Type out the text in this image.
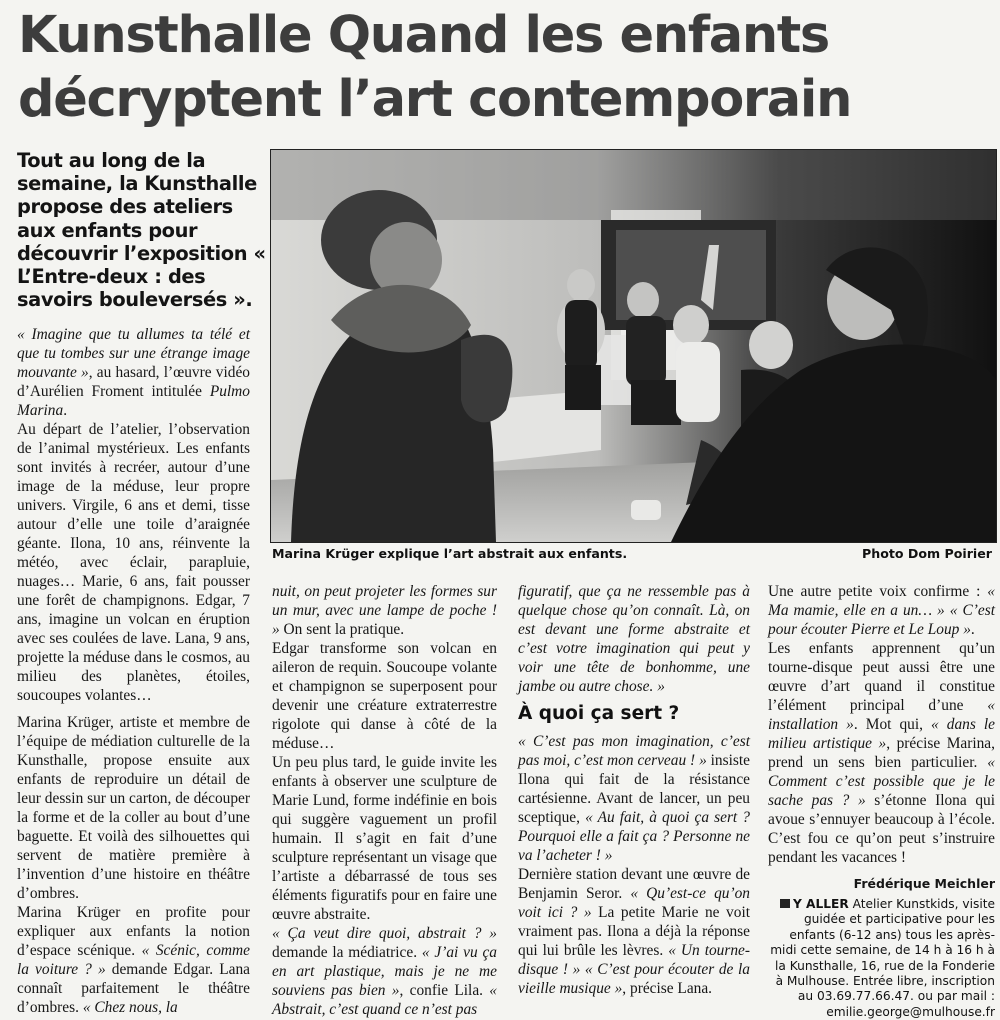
Kunsthalle Quand les enfants décryptent l’art contemporain

Tout au long de la semaine, la Kunsthalle propose des ateliers aux enfants pour découvrir l’exposition « L’Entre-deux : des savoirs bouleversés ».

Marina Krüger explique l’art abstrait aux enfants.	Photo Dom Poirier

« Imagine que tu allumes ta télé et que tu tombes sur une étrange image mouvante », au hasard, l’œuvre vidéo d’Aurélien Froment intitulée Pulmo Marina.

Au départ de l’atelier, l’observation de l’animal mystérieux. Les enfants sont invités à recréer, autour d’une image de la méduse, leur propre univers. Virgile, 6 ans et demi, tisse autour d’elle une toile d’araignée géante. Ilona, 10 ans, réinvente la météo, avec éclair, parapluie, nuages… Marie, 6 ans, fait pousser une forêt de champignons. Edgar, 7 ans, imagine un volcan en éruption avec ses coulées de lave. Lana, 9 ans, projette la méduse dans le cosmos, au milieu des planètes, étoiles, soucoupes volantes…

Marina Krüger, artiste et membre de l’équipe de médiation culturelle de la Kunsthalle, propose ensuite aux enfants de reproduire un détail de leur dessin sur un carton, de découper la forme et de la coller au bout d’une baguette. Et voilà des silhouettes qui servent de matière première à l’invention d’une histoire en théâtre d’ombres.

Marina Krüger en profite pour expliquer aux enfants la notion d’espace scénique. « Scénic, comme la voiture ? » demande Edgar. Lana connaît parfaitement le théâtre d’ombres. « Chez nous, la

nuit, on peut projeter les formes sur un mur, avec une lampe de poche ! » On sent la pratique.

Edgar transforme son volcan en aileron de requin. Soucoupe volante et champignon se superposent pour devenir une créature extraterrestre rigolote qui danse à côté de la méduse…

Un peu plus tard, le guide invite les enfants à observer une sculpture de Marie Lund, forme indéfinie en bois qui suggère vaguement un profil humain. Il s’agit en fait d’une sculpture représentant un visage que l’artiste a débarrassé de tous ses éléments figuratifs pour en faire une œuvre abstraite.

« Ça veut dire quoi, abstrait ? » demande la médiatrice. « J’ai vu ça en art plastique, mais je ne me souviens pas bien », confie Lila. « Abstrait, c’est quand ce n’est pas

figuratif, que ça ne ressemble pas à quelque chose qu’on connaît. Là, on est devant une forme abstraite et c’est votre imagination qui peut y voir une tête de bonhomme, une jambe ou autre chose. »

À quoi ça sert ?

« C’est pas mon imagination, c’est pas moi, c’est mon cerveau ! » insiste Ilona qui fait de la résistance cartésienne. Avant de lancer, un peu sceptique, « Au fait, à quoi ça sert ? Pourquoi elle a fait ça ? Personne ne va l’acheter ! »

Dernière station devant une œuvre de Benjamin Seror. « Qu’est-ce qu’on voit ici ? » La petite Marie ne voit vraiment pas. Ilona a déjà la réponse qui lui brûle les lèvres. « Un tourne-disque ! » « C’est pour écouter de la vieille musique », précise Lana.

Une autre petite voix confirme : « Ma mamie, elle en a un… » « C’est pour écouter Pierre et Le Loup ».

Les enfants apprennent qu’un tourne-disque peut aussi être une œuvre d’art quand il constitue l’élément principal d’une « installation ». Mot qui, « dans le milieu artistique », précise Marina, prend un sens bien particulier. « Comment c’est possible que je le sache pas ? » s’étonne Ilona qui avoue s’ennuyer beaucoup à l’école. C’est fou ce qu’on peut s’instruire pendant les vacances !

Frédérique Meichler
Y ALLER Atelier Kunstkids, visite guidée et participative pour les enfants (6-12 ans) tous les après-midi cette semaine, de 14 h à 16 h à la Kunsthalle, 16, rue de la Fonderie à Mulhouse. Entrée libre, inscription au 03.69.77.66.47. ou par mail : emilie.george@mulhouse.fr
